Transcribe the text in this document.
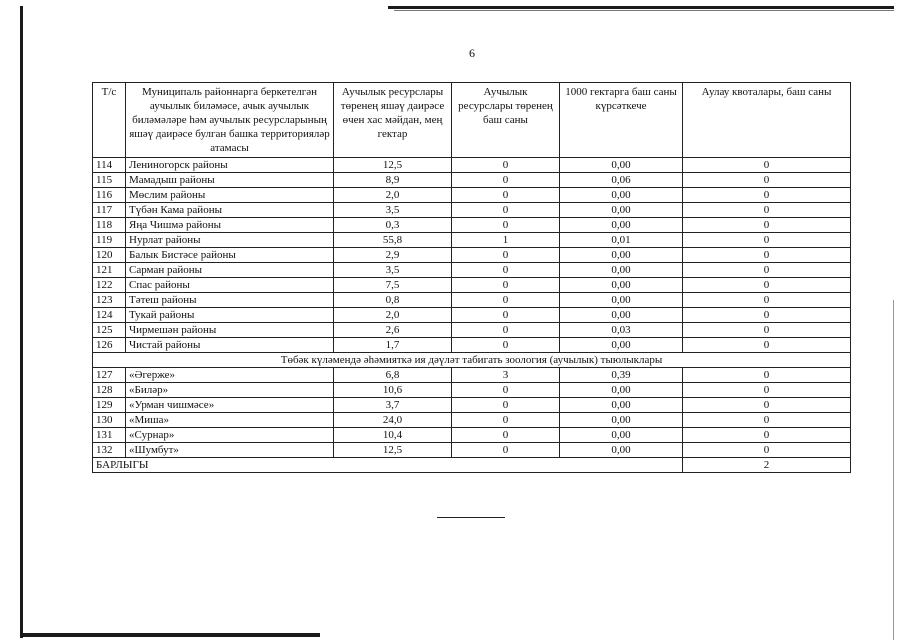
6
Т/с	Муниципаль районнарга беркетелгән аучылык биләмәсе, ачык аучылык биләмәләре һәм аучылык ресурсларының яшәү даирәсе булган башка территорияләр атамасы	Аучылык ресурслары төренең яшәү даирәсе өчен хас мәйдан, мең гектар	Аучылык ресурслары төренең баш саны	1000 гектарга баш саны күрсәткече	Аулау квоталары, баш саны
114	Лениногорск районы	12,5	0	0,00	0
115	Мамадыш районы	8,9	0	0,06	0
116	Мөслим районы	2,0	0	0,00	0
117	Түбән Кама районы	3,5	0	0,00	0
118	Яңа Чишмә районы	0,3	0	0,00	0
119	Нурлат районы	55,8	1	0,01	0
120	Балык Бистәсе районы	2,9	0	0,00	0
121	Сарман районы	3,5	0	0,00	0
122	Спас районы	7,5	0	0,00	0
123	Тәтеш районы	0,8	0	0,00	0
124	Тукай районы	2,0	0	0,00	0
125	Чирмешән районы	2,6	0	0,03	0
126	Чистай районы	1,7	0	0,00	0
Төбәк күләмендә әһәмияткә ия дәүләт табигать зоология (аучылык) тыюлыклары					
127	«Әгерже»	6,8	3	0,39	0
128	«Биләр»	10,6	0	0,00	0
129	«Урман чишмәсе»	3,7	0	0,00	0
130	«Миша»	24,0	0	0,00	0
131	«Сурнар»	10,4	0	0,00	0
132	«Шумбут»	12,5	0	0,00	0
БАРЛЫГЫ					2
